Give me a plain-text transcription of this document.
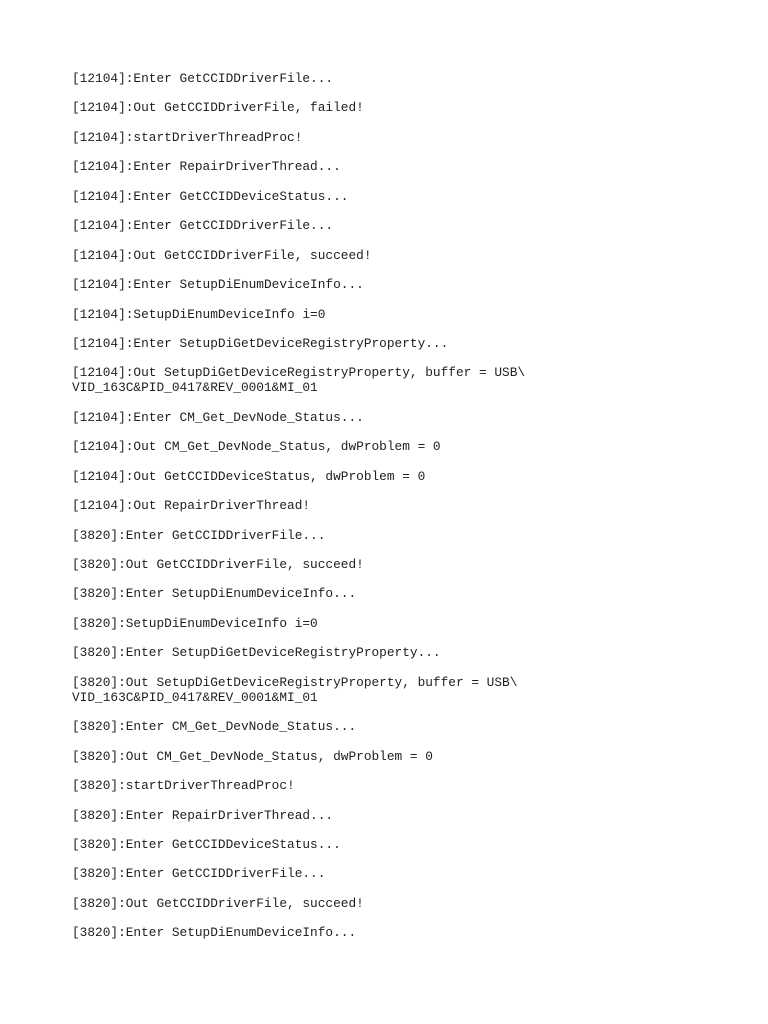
[12104]:Enter GetCCIDDriverFile...

[12104]:Out GetCCIDDriverFile, failed!

[12104]:startDriverThreadProc!

[12104]:Enter RepairDriverThread...

[12104]:Enter GetCCIDDeviceStatus...

[12104]:Enter GetCCIDDriverFile...

[12104]:Out GetCCIDDriverFile, succeed!

[12104]:Enter SetupDiEnumDeviceInfo...

[12104]:SetupDiEnumDeviceInfo i=0

[12104]:Enter SetupDiGetDeviceRegistryProperty...

[12104]:Out SetupDiGetDeviceRegistryProperty, buffer = USB\
VID_163C&PID_0417&REV_0001&MI_01

[12104]:Enter CM_Get_DevNode_Status...

[12104]:Out CM_Get_DevNode_Status, dwProblem = 0

[12104]:Out GetCCIDDeviceStatus, dwProblem = 0

[12104]:Out RepairDriverThread!

[3820]:Enter GetCCIDDriverFile...

[3820]:Out GetCCIDDriverFile, succeed!

[3820]:Enter SetupDiEnumDeviceInfo...

[3820]:SetupDiEnumDeviceInfo i=0

[3820]:Enter SetupDiGetDeviceRegistryProperty...

[3820]:Out SetupDiGetDeviceRegistryProperty, buffer = USB\
VID_163C&PID_0417&REV_0001&MI_01

[3820]:Enter CM_Get_DevNode_Status...

[3820]:Out CM_Get_DevNode_Status, dwProblem = 0

[3820]:startDriverThreadProc!

[3820]:Enter RepairDriverThread...

[3820]:Enter GetCCIDDeviceStatus...

[3820]:Enter GetCCIDDriverFile...

[3820]:Out GetCCIDDriverFile, succeed!

[3820]:Enter SetupDiEnumDeviceInfo...
